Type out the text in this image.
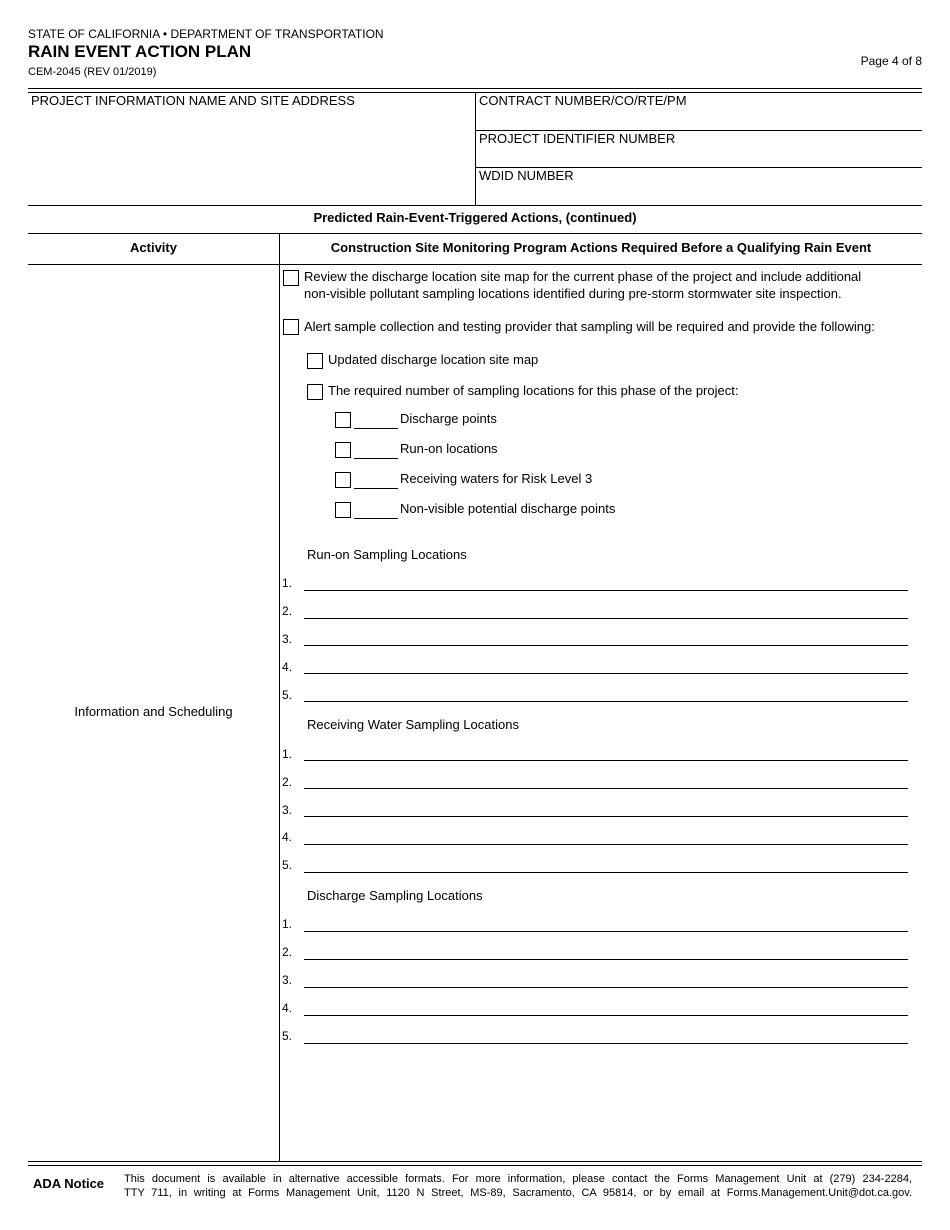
STATE OF CALIFORNIA • DEPARTMENT OF TRANSPORTATION
RAIN EVENT ACTION PLAN
CEM-2045 (REV 01/2019)
Page 4 of 8
PROJECT INFORMATION NAME AND SITE ADDRESS	CONTRACT NUMBER/CO/RTE/PM
PROJECT IDENTIFIER NUMBER
WDID NUMBER
Predicted Rain-Event-Triggered Actions, (continued)
Activity	Construction Site Monitoring Program Actions Required Before a Qualifying Rain Event
Information and Scheduling
Review the discharge location site map for the current phase of the project and include additional
non-visible pollutant sampling locations identified during pre-storm stormwater site inspection.
Alert sample collection and testing provider that sampling will be required and provide the following:
Updated discharge location site map
The required number of sampling locations for this phase of the project:
Discharge points
Run-on locations
Receiving waters for Risk Level 3
Non-visible potential discharge points
Run-on Sampling Locations
1.
2.
3.
4.
5.
Receiving Water Sampling Locations
1.
2.
3.
4.
5.
Discharge Sampling Locations
1.
2.
3.
4.
5.
ADA Notice This document is available in alternative accessible formats. For more information, please contact the Forms Management Unit at (279) 234-2284,
TTY 711, in writing at Forms Management Unit, 1120 N Street, MS-89, Sacramento, CA 95814, or by email at Forms.Management.Unit@dot.ca.gov.
